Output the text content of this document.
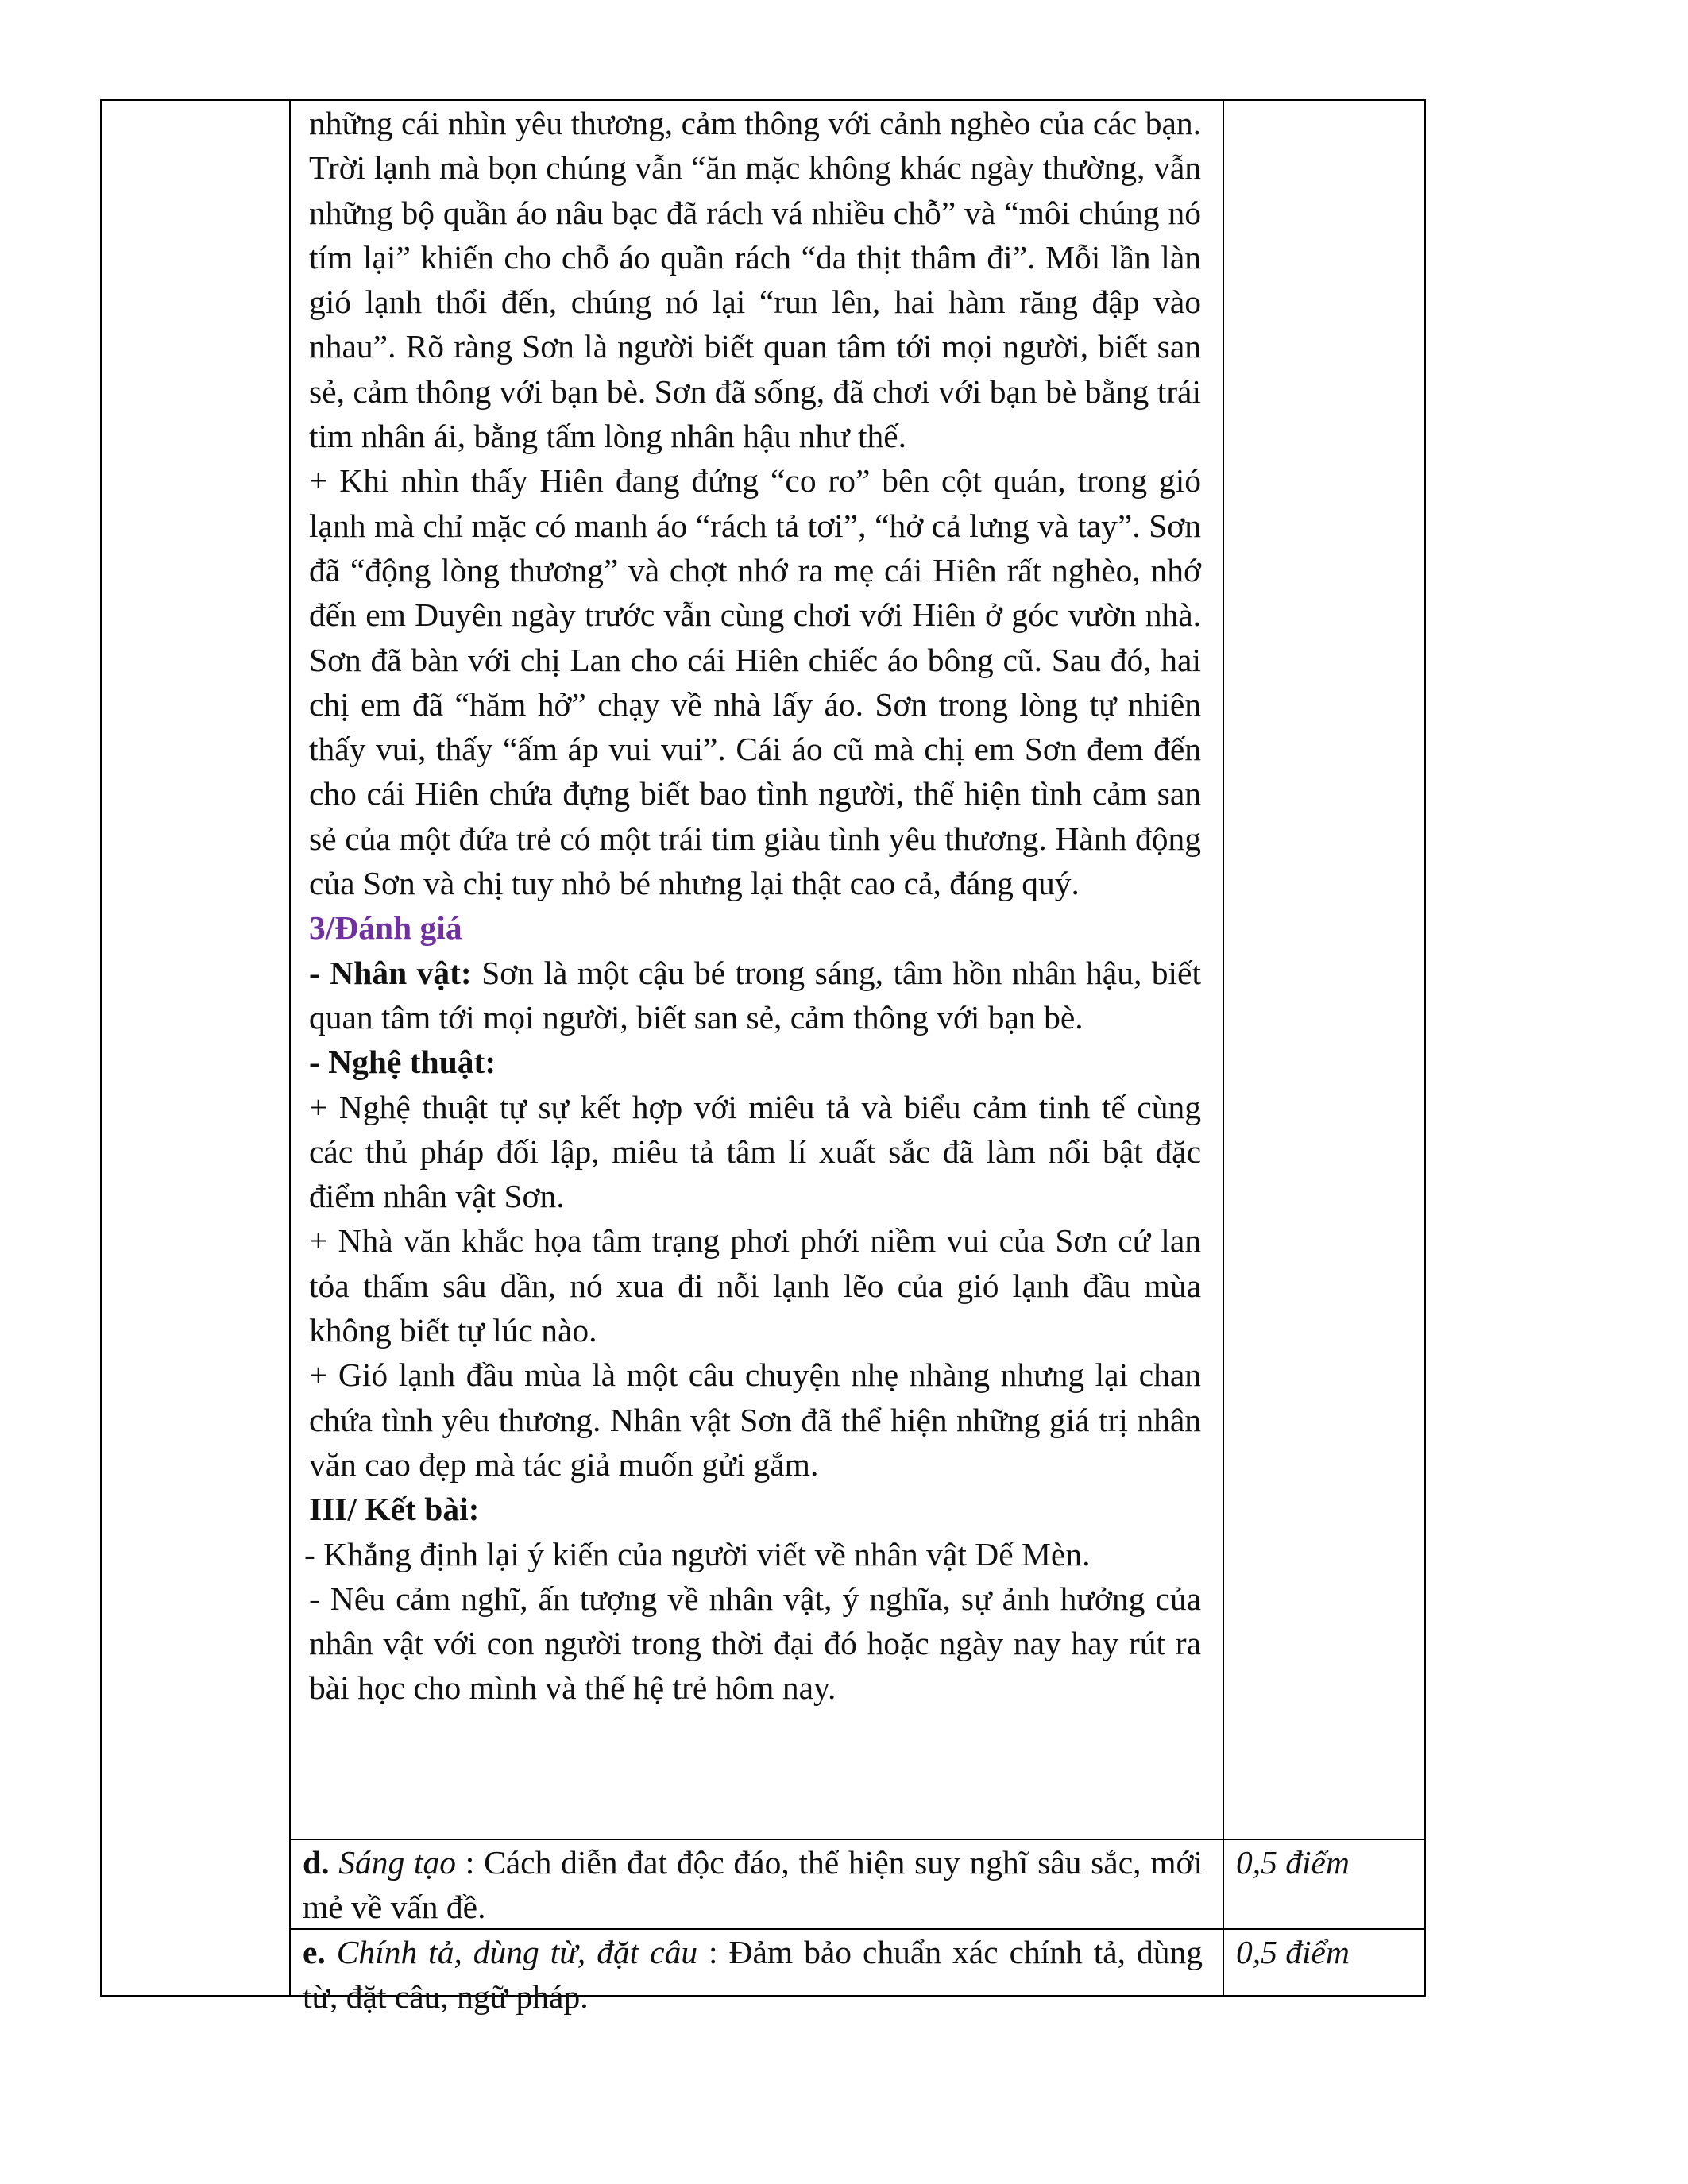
những cái nhìn yêu thương, cảm thông với cảnh nghèo của các bạn. Trời lạnh mà bọn chúng vẫn “ăn mặc không khác ngày thường, vẫn những bộ quần áo nâu bạc đã rách vá nhiều chỗ” và “môi chúng nó tím lại” khiến cho chỗ áo quần rách “da thịt thâm đi”. Mỗi lần làn gió lạnh thổi đến, chúng nó lại “run lên, hai hàm răng đập vào nhau”. Rõ ràng Sơn là người biết quan tâm tới mọi người, biết san sẻ, cảm thông với bạn bè. Sơn đã sống, đã chơi với bạn bè bằng trái tim nhân ái, bằng tấm lòng nhân hậu như thế.

+ Khi nhìn thấy Hiên đang đứng “co ro” bên cột quán, trong gió lạnh mà chỉ mặc có manh áo “rách tả tơi”, “hở cả lưng và tay”. Sơn đã “động lòng thương” và chợt nhớ ra mẹ cái Hiên rất nghèo, nhớ đến em Duyên ngày trước vẫn cùng chơi với Hiên ở góc vườn nhà. Sơn đã bàn với chị Lan cho cái Hiên chiếc áo bông cũ. Sau đó, hai chị em đã “hăm hở” chạy về nhà lấy áo. Sơn trong lòng tự nhiên thấy vui, thấy “ấm áp vui vui”. Cái áo cũ mà chị em Sơn đem đến cho cái Hiên chứa đựng biết bao tình người, thể hiện tình cảm san sẻ của một đứa trẻ có một trái tim giàu tình yêu thương. Hành động của Sơn và chị tuy nhỏ bé nhưng lại thật cao cả, đáng quý.

3/Đánh giá

- Nhân vật: Sơn là một cậu bé trong sáng, tâm hồn nhân hậu, biết quan tâm tới mọi người, biết san sẻ, cảm thông với bạn bè.

- Nghệ thuật:

+ Nghệ thuật tự sự kết hợp với miêu tả và biểu cảm tinh tế cùng các thủ pháp đối lập, miêu tả tâm lí xuất sắc đã làm nổi bật đặc điểm nhân vật Sơn.

+ Nhà văn khắc họa tâm trạng phơi phới niềm vui của Sơn cứ lan tỏa thấm sâu dần, nó xua đi nỗi lạnh lẽo của gió lạnh đầu mùa không biết tự lúc nào.

+ Gió lạnh đầu mùa là một câu chuyện nhẹ nhàng nhưng lại chan chứa tình yêu thương. Nhân vật Sơn đã thể hiện những giá trị nhân văn cao đẹp mà tác giả muốn gửi gắm.

III/ Kết bài:

- Khẳng định lại ý kiến của người viết về nhân vật Dế Mèn.

- Nêu cảm nghĩ, ấn tượng về nhân vật, ý nghĩa, sự ảnh hưởng của nhân vật với con người trong thời đại đó hoặc ngày nay hay rút ra bài học cho mình và thế hệ trẻ hôm nay.

d. Sáng tạo : Cách diễn đat độc đáo, thể hiện suy nghĩ sâu sắc, mới mẻ về vấn đề.
0,5 điểm
e. Chính tả, dùng từ, đặt câu : Đảm bảo chuẩn xác chính tả, dùng từ, đặt câu, ngữ pháp.
0,5 điểm
